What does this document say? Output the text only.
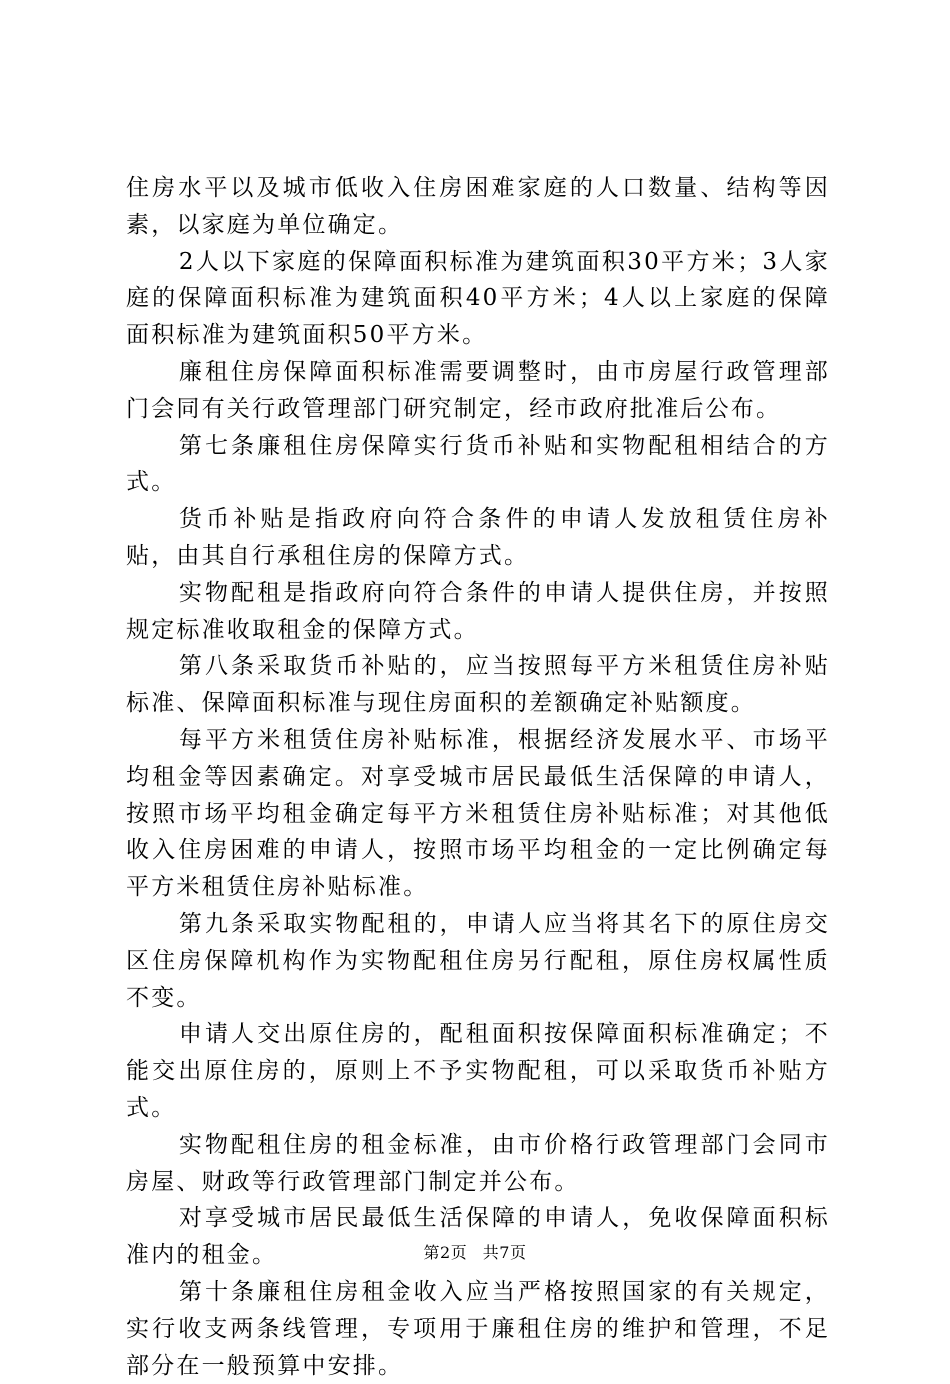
住房水平以及城市低收入住房困难家庭的人口数量、结构等因素，以家庭为单位确定。

2人以下家庭的保障面积标准为建筑面积30平方米；3人家庭的保障面积标准为建筑面积40平方米；4人以上家庭的保障面积标准为建筑面积50平方米。

廉租住房保障面积标准需要调整时，由市房屋行政管理部门会同有关行政管理部门研究制定，经市政府批准后公布。

第七条廉租住房保障实行货币补贴和实物配租相结合的方式。

货币补贴是指政府向符合条件的申请人发放租赁住房补贴，由其自行承租住房的保障方式。

实物配租是指政府向符合条件的申请人提供住房，并按照规定标准收取租金的保障方式。

第八条采取货币补贴的，应当按照每平方米租赁住房补贴标准、保障面积标准与现住房面积的差额确定补贴额度。

每平方米租赁住房补贴标准，根据经济发展水平、市场平均租金等因素确定。对享受城市居民最低生活保障的申请人，按照市场平均租金确定每平方米租赁住房补贴标准；对其他低收入住房困难的申请人，按照市场平均租金的一定比例确定每平方米租赁住房补贴标准。

第九条采取实物配租的，申请人应当将其名下的原住房交区住房保障机构作为实物配租住房另行配租，原住房权属性质不变。

申请人交出原住房的，配租面积按保障面积标准确定；不能交出原住房的，原则上不予实物配租，可以采取货币补贴方式。

实物配租住房的租金标准，由市价格行政管理部门会同市房屋、财政等行政管理部门制定并公布。

对享受城市居民最低生活保障的申请人，免收保障面积标准内的租金。

第十条廉租住房租金收入应当严格按照国家的有关规定，实行收支两条线管理，专项用于廉租住房的维护和管理，不足部分在一般预算中安排。

第2页 共7页
